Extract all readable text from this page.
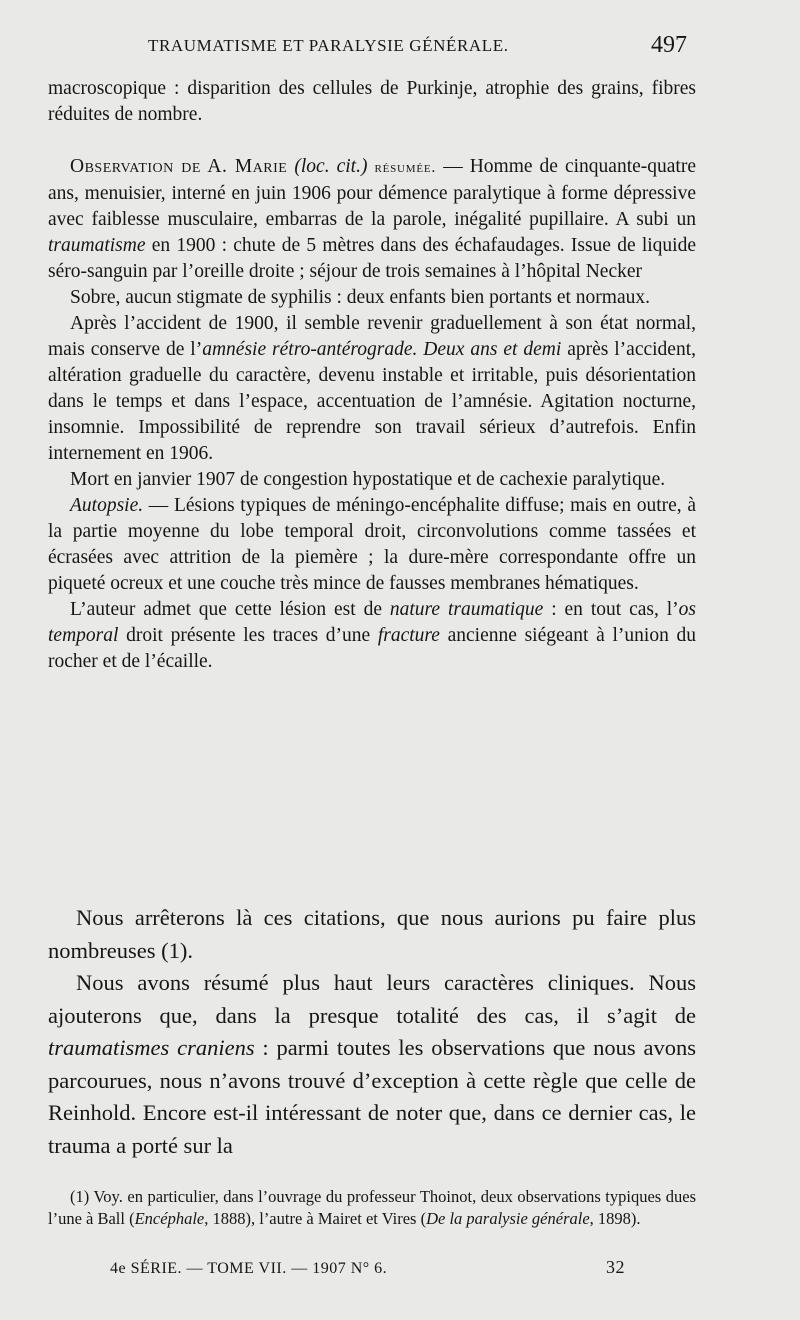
TRAUMATISME ET PARALYSIE GÉNÉRALE.	497

macroscopique : disparition des cellules de Purkinje, atrophie des grains, fibres réduites de nombre.

Observation de A. Marie (loc. cit.) résumée. — Homme de cinquante-quatre ans, menuisier, interné en juin 1906 pour démence paralytique à forme dépressive avec faiblesse musculaire, embarras de la parole, inégalité pupillaire. A subi un traumatisme en 1900 : chute de 5 mètres dans des échafaudages. Issue de liquide séro-sanguin par l’oreille droite ; séjour de trois semaines à l’hôpital Necker

Sobre, aucun stigmate de syphilis : deux enfants bien portants et normaux.

Après l’accident de 1900, il semble revenir graduellement à son état normal, mais conserve de l’amnésie rétro-antérograde. Deux ans et demi après l’accident, altération graduelle du caractère, devenu instable et irritable, puis désorientation dans le temps et dans l’espace, accentuation de l’amnésie. Agitation nocturne, insomnie. Impossibilité de reprendre son travail sérieux d’autrefois. Enfin internement en 1906.

Mort en janvier 1907 de congestion hypostatique et de cachexie paralytique.

Autopsie. — Lésions typiques de méningo-encéphalite diffuse; mais en outre, à la partie moyenne du lobe temporal droit, circonvolutions comme tassées et écrasées avec attrition de la piemère ; la dure-mère correspondante offre un piqueté ocreux et une couche très mince de fausses membranes hématiques.

L’auteur admet que cette lésion est de nature traumatique : en tout cas, l’os temporal droit présente les traces d’une fracture ancienne siégeant à l’union du rocher et de l’écaille.

Nous arrêterons là ces citations, que nous aurions pu faire plus nombreuses (1).

Nous avons résumé plus haut leurs caractères cliniques. Nous ajouterons que, dans la presque totalité des cas, il s’agit de traumatismes craniens : parmi toutes les observations que nous avons parcourues, nous n’avons trouvé d’exception à cette règle que celle de Reinhold. Encore est-il intéressant de noter que, dans ce dernier cas, le trauma a porté sur la

(1) Voy. en particulier, dans l’ouvrage du professeur Thoinot, deux observations typiques dues l’une à Ball (Encéphale, 1888), l’autre à Mairet et Vires (De la paralysie générale, 1898).

4e SÉRIE. — TOME VII. — 1907 N° 6.	32
